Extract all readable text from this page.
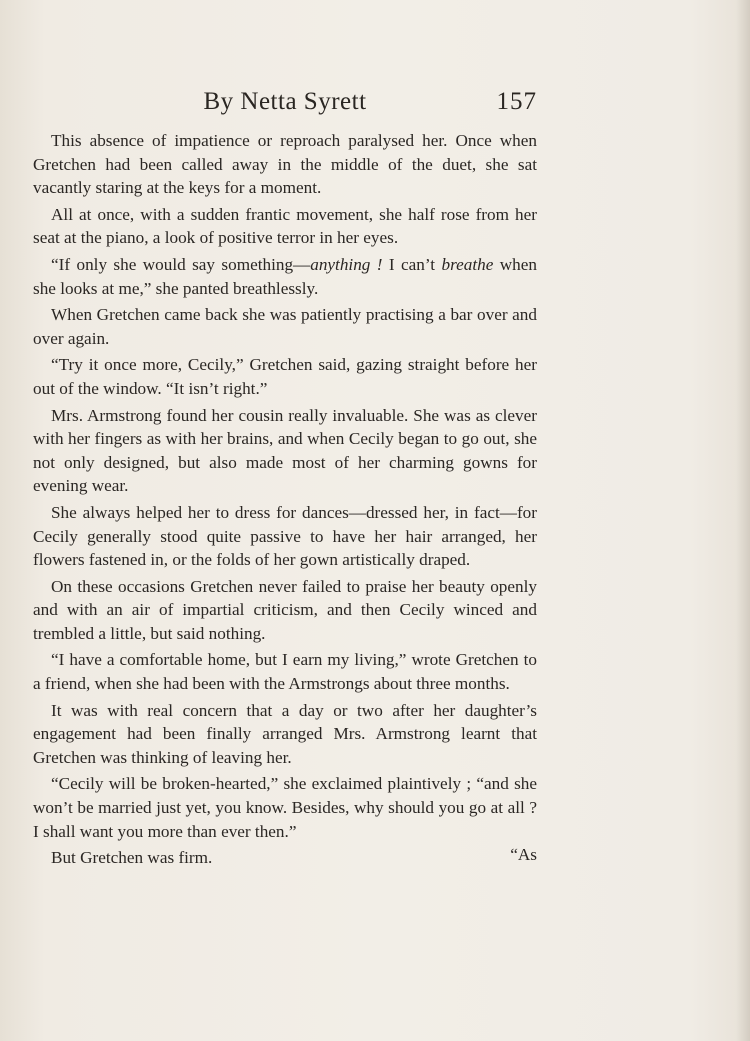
By Netta Syrett	157

This absence of impatience or reproach paralysed her. Once when Gretchen had been called away in the middle of the duet, she sat vacantly staring at the keys for a moment.

All at once, with a sudden frantic movement, she half rose from her seat at the piano, a look of positive terror in her eyes.

“If only she would say something—anything ! I can’t breathe when she looks at me,” she panted breathlessly.

When Gretchen came back she was patiently practising a bar over and over again.

“Try it once more, Cecily,” Gretchen said, gazing straight before her out of the window. “It isn’t right.”

Mrs. Armstrong found her cousin really invaluable. She was as clever with her fingers as with her brains, and when Cecily began to go out, she not only designed, but also made most of her charming gowns for evening wear.

She always helped her to dress for dances—dressed her, in fact—for Cecily generally stood quite passive to have her hair arranged, her flowers fastened in, or the folds of her gown artistically draped.

On these occasions Gretchen never failed to praise her beauty openly and with an air of impartial criticism, and then Cecily winced and trembled a little, but said nothing.

“I have a comfortable home, but I earn my living,” wrote Gretchen to a friend, when she had been with the Armstrongs about three months.

It was with real concern that a day or two after her daughter’s engagement had been finally arranged Mrs. Armstrong learnt that Gretchen was thinking of leaving her.

“Cecily will be broken-hearted,” she exclaimed plaintively ; “and she won’t be married just yet, you know. Besides, why should you go at all ? I shall want you more than ever then.”

But Gretchen was firm.	“As
